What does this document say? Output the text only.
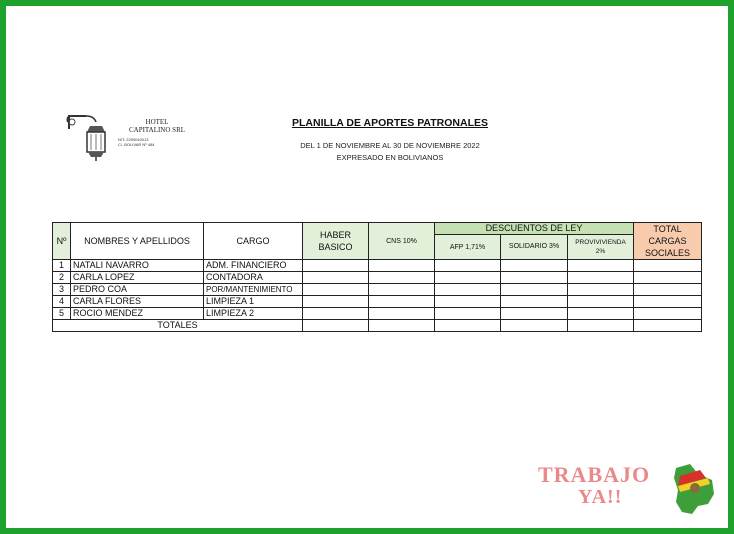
HOTEL
CAPITALINO SRL
NIT: 2299040013
C/. BOLIVAR Nº 484
PLANILLA DE APORTES PATRONALES
DEL 1 DE NOVIEMBRE AL 30 DE NOVIEMBRE 2022
EXPRESADO EN BOLIVIANOS
Nº	NOMBRES Y APELLIDOS	CARGO	HABER BASICO	CNS 10%	DESCUENTOS DE LEY			TOTAL CARGAS SOCIALES
					AFP 1,71%	SOLIDARIO 3%	PROVIVIVIENDA 2%	

1	NATALI NAVARRO	ADM. FINANCIERO						
2	CARLA LOPEZ	CONTADORA						
3	PEDRO COA	POR/MANTENIMIENTO						
4	CARLA FLORES	LIMPIEZA 1						
5	ROCIO MENDEZ	LIMPIEZA 2						
TOTALES								
TRABAJO
YA!!
